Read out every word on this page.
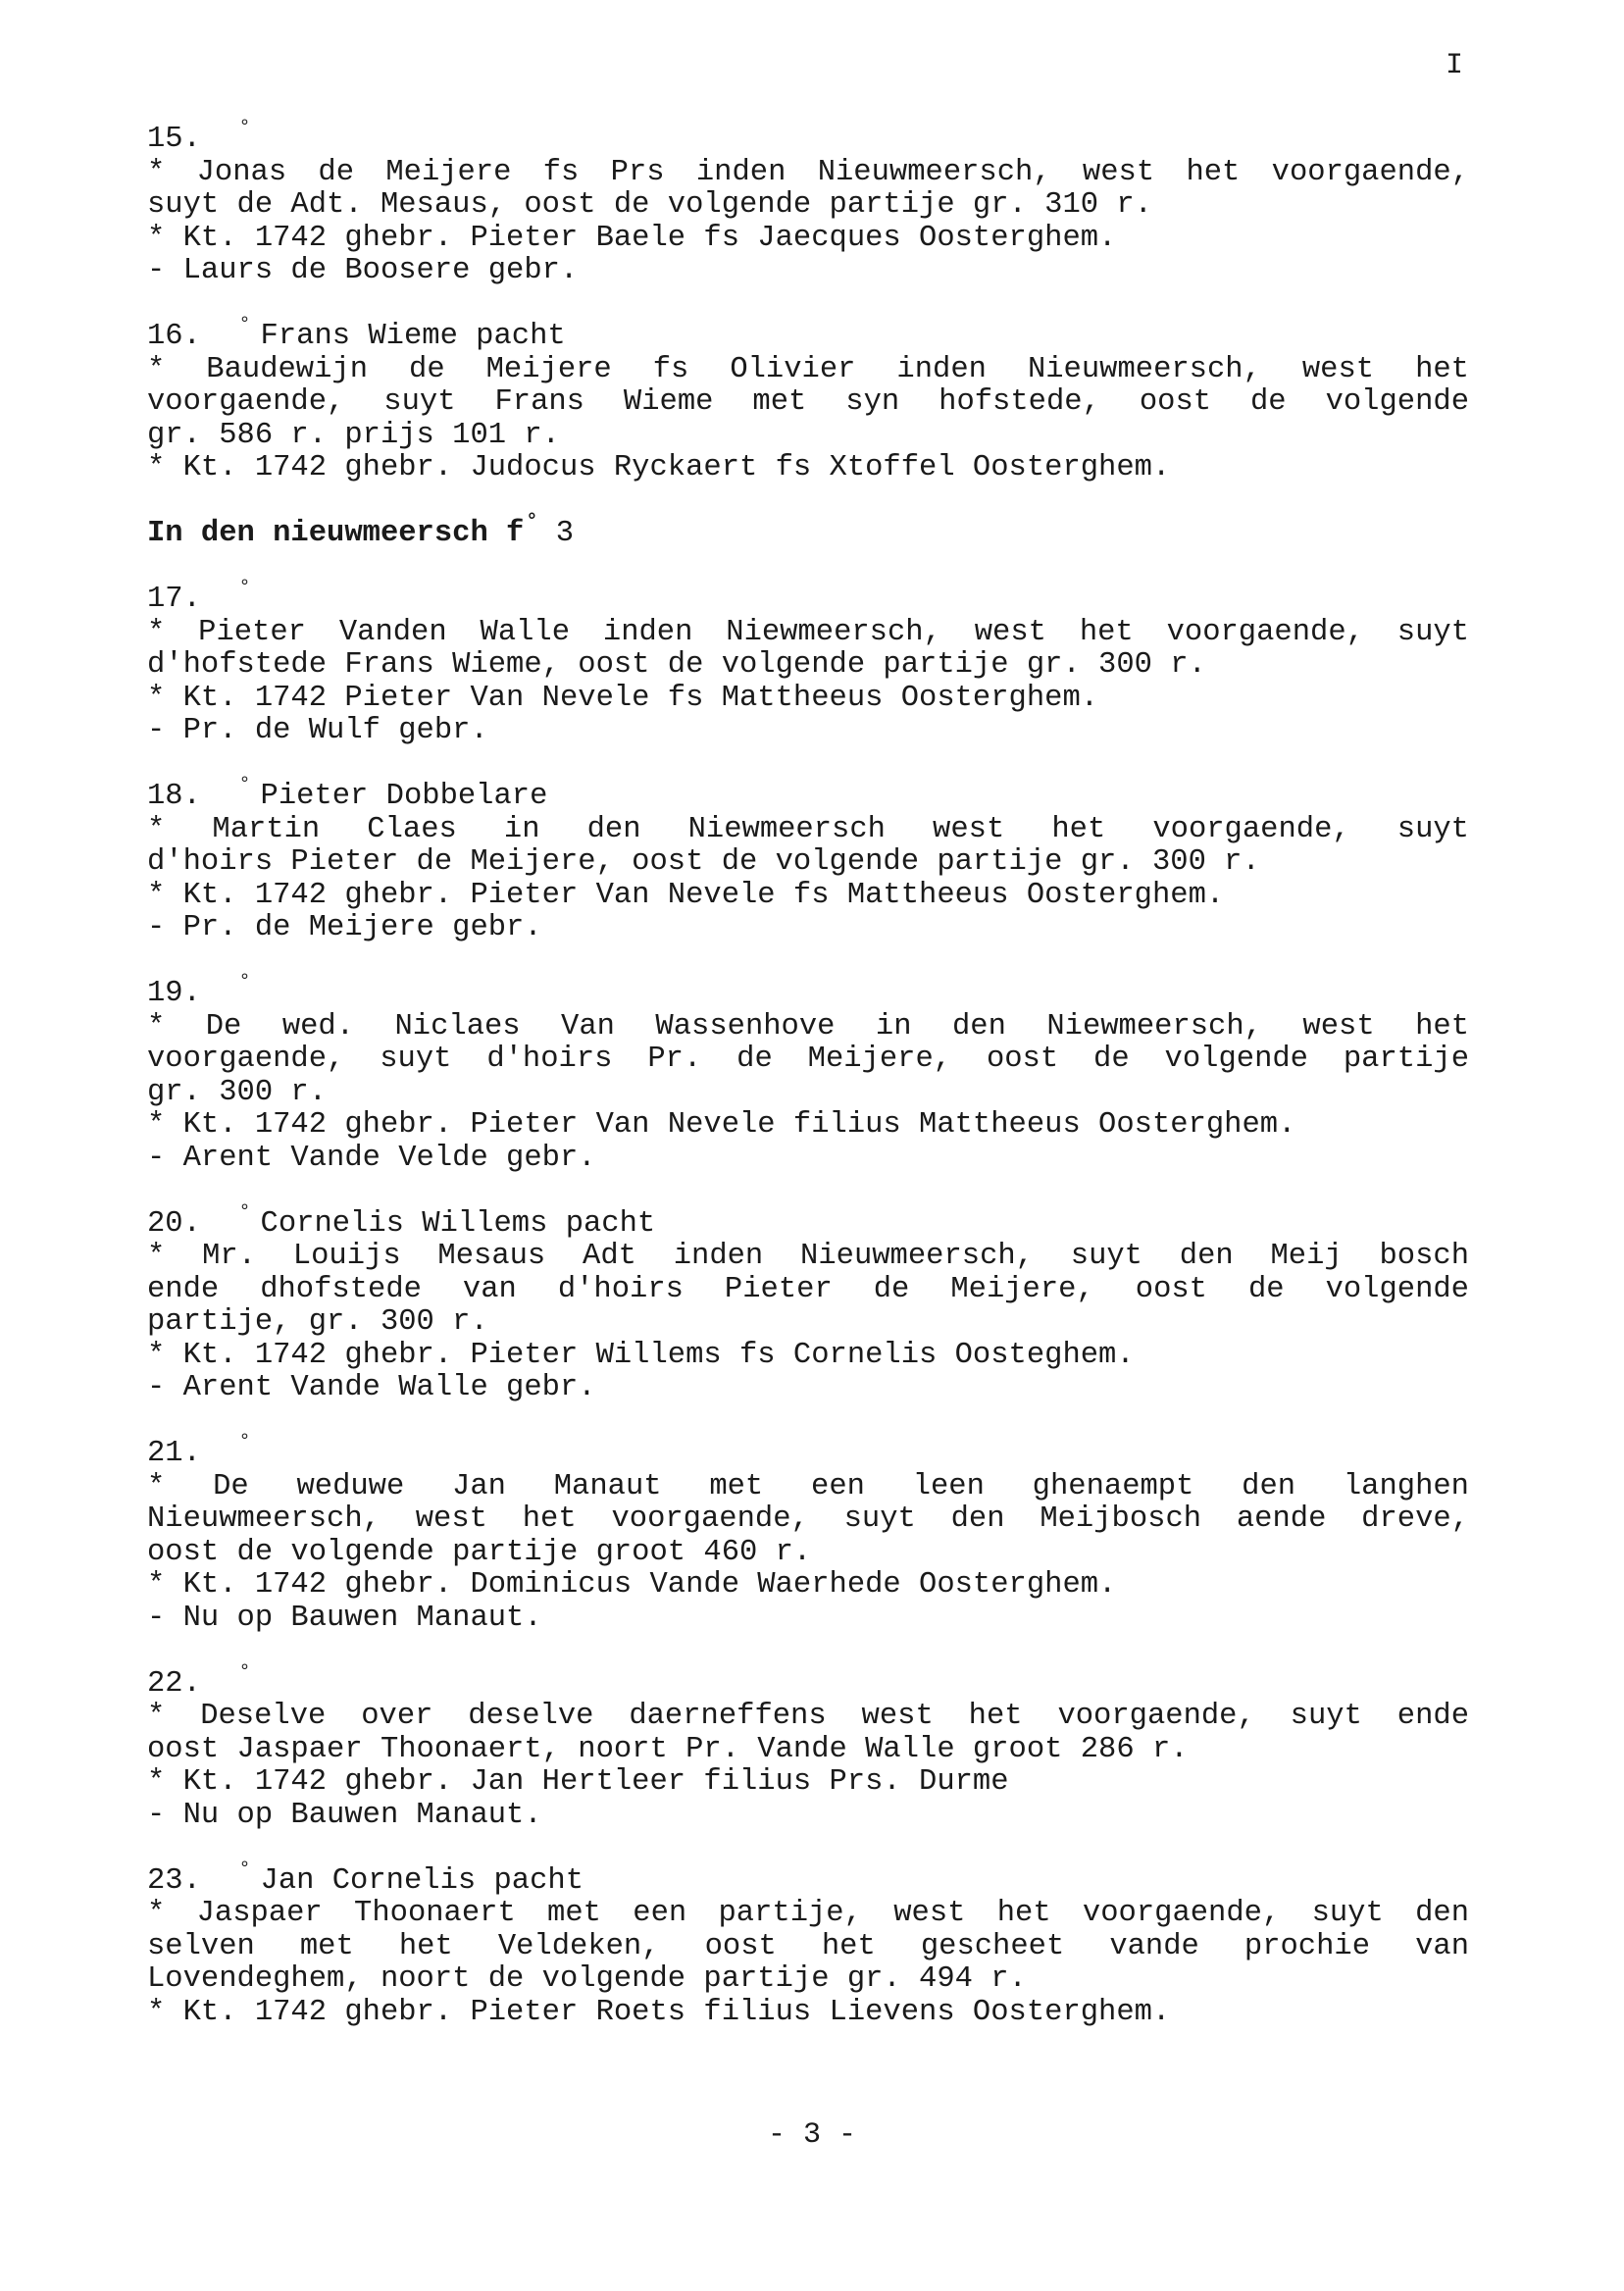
I
15. °
* Jonas de Meijere fs Prs inden Nieuwmeersch, west het voorgaende,
suyt de Adt. Mesaus, oost de volgende partije gr. 310 r.
* Kt. 1742 ghebr. Pieter Baele fs Jaecques Oosterghem.
- Laurs de Boosere gebr.
16. ° Frans Wieme pacht
* Baudewijn de Meijere fs Olivier inden Nieuwmeersch, west het
voorgaende, suyt Frans Wieme met syn hofstede, oost de volgende
gr. 586 r. prijs 101 r.
* Kt. 1742 ghebr. Judocus Ryckaert fs Xtoffel Oosterghem.
In den nieuwmeersch f ° 3
17. °
* Pieter Vanden Walle inden Niewmeersch, west het voorgaende, suyt
d'hofstede Frans Wieme, oost de volgende partije gr. 300 r.
* Kt. 1742 Pieter Van Nevele fs Mattheeus Oosterghem.
- Pr. de Wulf gebr.
18. ° Pieter Dobbelare
* Martin Claes in den Niewmeersch west het voorgaende, suyt
d'hoirs Pieter de Meijere, oost de volgende partije gr. 300 r.
* Kt. 1742 ghebr. Pieter Van Nevele fs Mattheeus Oosterghem.
- Pr. de Meijere gebr.
19. °
* De wed. Niclaes Van Wassenhove in den Niewmeersch, west het
voorgaende, suyt d'hoirs Pr. de Meijere, oost de volgende partije
gr. 300 r.
* Kt. 1742 ghebr. Pieter Van Nevele filius Mattheeus Oosterghem.
- Arent Vande Velde gebr.
20. ° Cornelis Willems pacht
* Mr. Louijs Mesaus Adt inden Nieuwmeersch, suyt den Meij bosch
ende dhofstede van d'hoirs Pieter de Meijere, oost de volgende
partije, gr. 300 r.
* Kt. 1742 ghebr. Pieter Willems fs Cornelis Oosteghem.
- Arent Vande Walle gebr.
21. °
* De weduwe Jan Manaut met een leen ghenaempt den langhen
Nieuwmeersch, west het voorgaende, suyt den Meijbosch aende dreve,
oost de volgende partije groot 460 r.
* Kt. 1742 ghebr. Dominicus Vande Waerhede Oosterghem.
- Nu op Bauwen Manaut.
22. °
* Deselve over deselve daerneffens west het voorgaende, suyt ende
oost Jaspaer Thoonaert, noort Pr. Vande Walle groot 286 r.
* Kt. 1742 ghebr. Jan Hertleer filius Prs. Durme
- Nu op Bauwen Manaut.
23. ° Jan Cornelis pacht
* Jaspaer Thoonaert met een partije, west het voorgaende, suyt den
selven met het Veldeken, oost het gescheet vande prochie van
Lovendeghem, noort de volgende partije gr. 494 r.
* Kt. 1742 ghebr. Pieter Roets filius Lievens Oosterghem.
- 3 -
